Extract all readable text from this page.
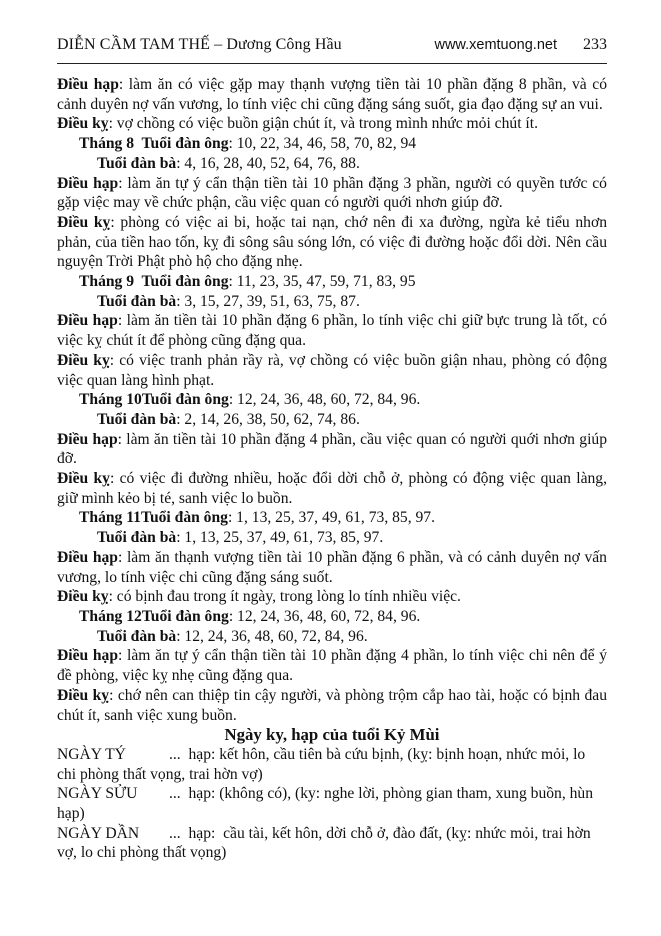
DIỄN CẦM TAM THẾ – Dương Công Hầu	www.xemtuong.net 233

Điều hạp: làm ăn có việc gặp may thạnh vượng tiền tài 10 phần đặng 8 phần, và có cảnh duyên nợ vấn vương, lo tính việc chi cũng đặng sáng suốt, gia đạo đặng sự an vui.

Điều kỵ: vợ chồng có việc buồn giận chút ít, và trong mình nhức mỏi chút ít.

Tháng 8  Tuổi đàn ông: 10, 22, 34, 46, 58, 70, 82, 94

Tuổi đàn bà: 4, 16, 28, 40, 52, 64, 76, 88.

Điều hạp: làm ăn tự ý cẩn thận tiền tài 10 phần đặng 3 phần, người có quyền tước có gặp việc may về chức phận, cầu việc quan có người quới nhơn giúp đỡ.

Điều kỵ: phòng có việc ai bi, hoặc tai nạn, chớ nên đi xa đường, ngừa kẻ tiểu nhơn phản, của tiền hao tốn, kỵ đi sông sâu sóng lớn, có việc đi đường hoặc đổi dời. Nên cầu nguyện Trời Phật phò hộ cho đặng nhẹ.

Tháng 9  Tuổi đàn ông: 11, 23, 35, 47, 59, 71, 83, 95

Tuổi đàn bà: 3, 15, 27, 39, 51, 63, 75, 87.

Điều hạp: làm ăn tiền tài 10 phần đặng 6 phần, lo tính việc chi giữ bực trung là tốt, có việc kỵ chút ít để phòng cũng đặng qua.

Điều kỵ: có việc tranh phản rầy rà, vợ chồng có việc buồn giận nhau, phòng có động việc quan làng hình phạt.

Tháng 10Tuổi đàn ông: 12, 24, 36, 48, 60, 72, 84, 96.

Tuổi đàn bà: 2, 14, 26, 38, 50, 62, 74, 86.

Điều hạp: làm ăn tiền tài 10 phần đặng 4 phần, cầu việc quan có người quới nhơn giúp đỡ.

Điều kỵ: có việc đi đường nhiều, hoặc đổi dời chỗ ở, phòng có động việc quan làng, giữ mình kẻo bị té, sanh việc lo buồn.

Tháng 11Tuổi đàn ông: 1, 13, 25, 37, 49, 61, 73, 85, 97.

Tuổi đàn bà: 1, 13, 25, 37, 49, 61, 73, 85, 97.

Điều hạp: làm ăn thạnh vượng tiền tài 10 phần đặng 6 phần, và có cảnh duyên nợ vấn vương, lo tính việc chi cũng đặng sáng suốt.

Điều kỵ: có bịnh đau trong ít ngày, trong lòng lo tính nhiều việc.

Tháng 12Tuổi đàn ông: 12, 24, 36, 48, 60, 72, 84, 96.

Tuổi đàn bà: 12, 24, 36, 48, 60, 72, 84, 96.

Điều hạp: làm ăn tự ý cẩn thận tiền tài 10 phần đặng 4 phần, lo tính việc chi nên để ý đề phòng, việc kỵ nhẹ cũng đặng qua.

Điều kỵ: chớ nên can thiệp tin cậy người, và phòng trộm cắp hao tài, hoặc có bịnh đau chút ít, sanh việc xung buồn.

Ngày ky, hạp của tuổi Kỷ Mùi

NGÀY TÝ	...  hạp: kết hôn, cầu tiên bà cứu bịnh, (kỵ: bịnh hoạn, nhức mỏi, lo chi phòng thất vọng, trai hờn vợ)

NGÀY SỬU ...  hạp: (không có), (ky: nghe lời, phòng gian tham, xung buồn, hùn hạp)

NGÀY DẦN ...  hạp:  cầu tài, kết hôn, dời chỗ ở, đào đất, (kỵ: nhức mỏi, trai hờn vợ, lo chi phòng thất vọng)
